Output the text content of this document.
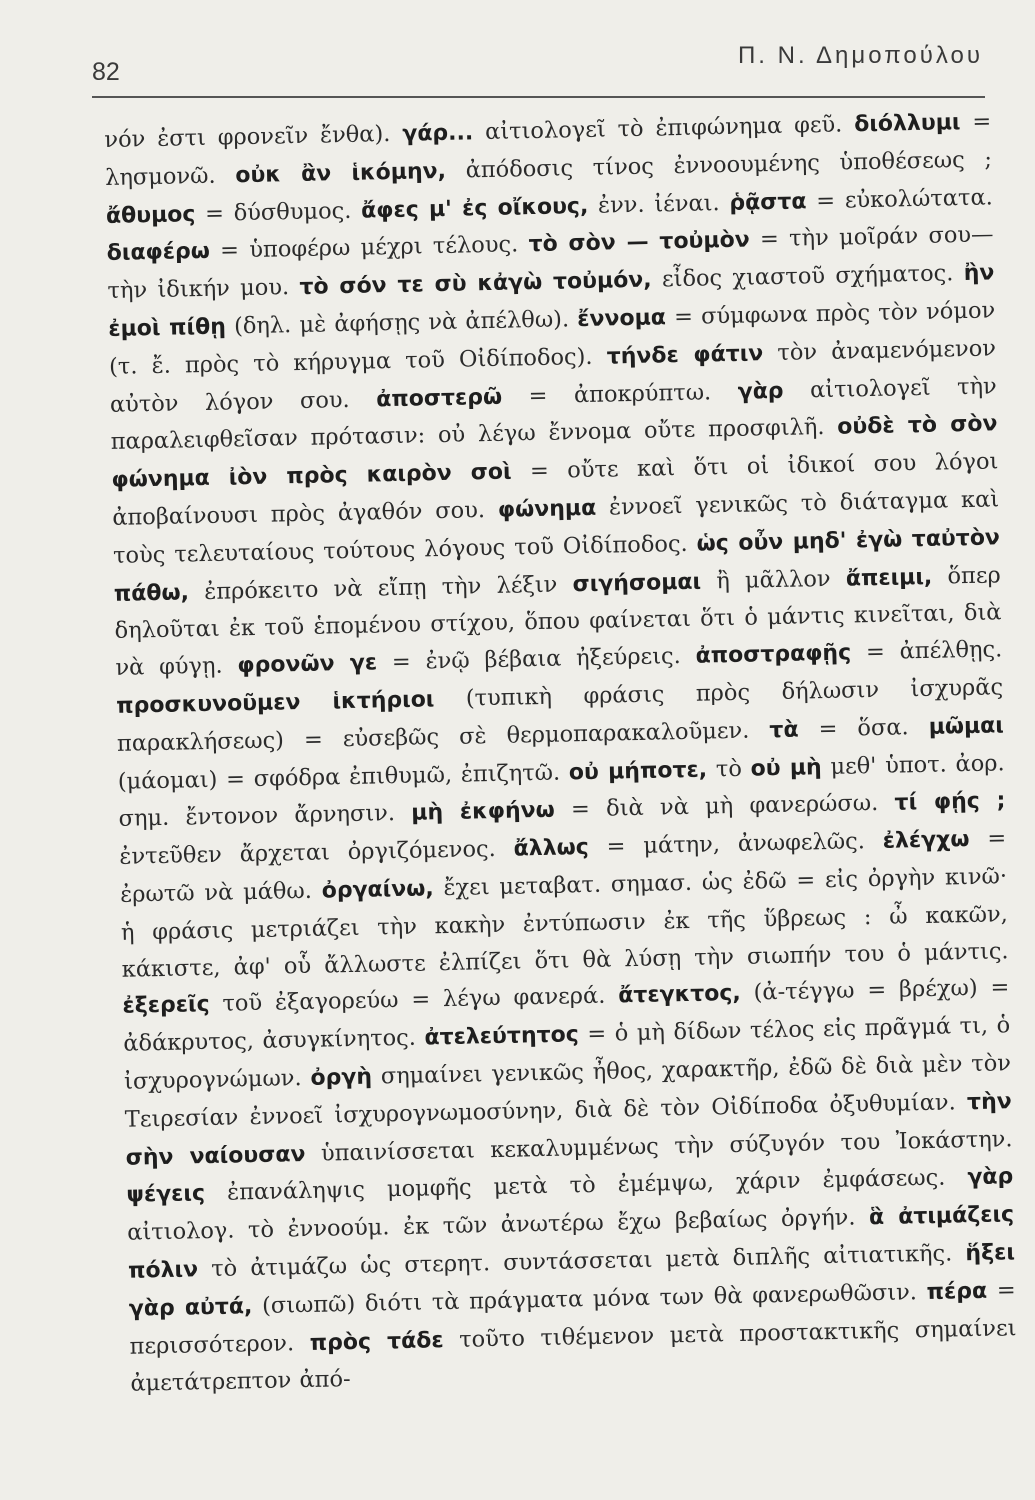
82
Π. Ν. Δημοπούλου
νόν ἐστι φρονεῖν ἔνθα). γάρ... αἰτιολογεῖ τὸ ἐπιφώνημα φεῦ. διόλλυμι = λησμονῶ. οὐκ ἂν ἱκόμην, ἀπόδοσις τίνος ἐννοουμένης ὑποθέσεως ; ἄθυμος = δύσθυμος. ἄφες μ' ἐς οἴκους, ἐνν. ἰέναι. ῥᾷστα = εὐκολώτατα. διαφέρω = ὑποφέρω μέχρι τέλους. τὸ σὸν — τοὐμὸν = τὴν μοῖράν σου—τὴν ἰδικήν μου. τὸ σόν τε σὺ κἀγὼ τοὐμόν, εἶδος χιαστοῦ σχήματος. ἢν ἐμοὶ πίθῃ (δηλ. μὲ ἀφήσῃς νὰ ἀπέλθω). ἔννομα = σύμφωνα πρὸς τὸν νόμον (τ. ἔ. πρὸς τὸ κήρυγμα τοῦ Οἰδίποδος). τήνδε φάτιν τὸν ἀναμενόμενον αὐτὸν λόγον σου. ἀποστερῶ = ἀποκρύπτω. γὰρ αἰτιολογεῖ τὴν παραλειφθεῖσαν πρότασιν: οὐ λέγω ἔννομα οὔτε προσφιλῆ. οὐδὲ τὸ σὸν φώνημα ἰὸν πρὸς καιρὸν σοὶ = οὔτε καὶ ὅτι οἱ ἰδικοί σου λόγοι ἀποβαίνουσι πρὸς ἀγαθόν σου. φώνημα ἐννοεῖ γενικῶς τὸ διάταγμα καὶ τοὺς τελευταίους τούτους λόγους τοῦ Οἰδίποδος. ὡς οὖν μηδ' ἐγὼ ταὐτὸν πάθω, ἐπρόκειτο νὰ εἴπῃ τὴν λέξιν σιγήσομαι ἢ μᾶλλον ἄπειμι, ὅπερ δηλοῦται ἐκ τοῦ ἑπομένου στίχου, ὅπου φαίνεται ὅτι ὁ μάντις κινεῖται, διὰ νὰ φύγῃ. φρονῶν γε = ἐνῷ βέβαια ἠξεύρεις. ἀποστραφῇς = ἀπέλθῃς. προσκυνοῦμεν ἱκτήριοι (τυπικὴ φράσις πρὸς δήλωσιν ἰσχυρᾶς παρακλήσεως) = εὐσεβῶς σὲ θερμοπαρακαλοῦμεν. τὰ = ὅσα. μῶμαι (μάομαι) = σφόδρα ἐπιθυμῶ, ἐπιζητῶ. οὐ μήποτε, τὸ οὐ μὴ μεθ' ὑποτ. ἀορ. σημ. ἔντονον ἄρνησιν. μὴ ἐκφήνω = διὰ νὰ μὴ φανερώσω. τί φῄς ; ἐντεῦθεν ἄρχεται ὀργιζόμενος. ἄλλως = μάτην, ἀνωφελῶς. ἐλέγχω = ἐρωτῶ νὰ μάθω. ὀργαίνω, ἔχει μεταβατ. σημασ. ὡς ἐδῶ = εἰς ὀργὴν κινῶ· ἡ φράσις μετριάζει τὴν κακὴν ἐντύπωσιν ἐκ τῆς ὕβρεως : ὦ κακῶν, κάκιστε, ἀφ' οὗ ἄλλωστε ἐλπίζει ὅτι θὰ λύσῃ τὴν σιωπήν του ὁ μάντις. ἐξερεῖς τοῦ ἐξαγορεύω = λέγω φανερά. ἄτεγκτος, (ἀ-τέγγω = βρέχω) = ἀδάκρυτος, ἀσυγκίνητος. ἀτελεύτητος = ὁ μὴ δίδων τέλος εἰς πρᾶγμά τι, ὁ ἰσχυρογνώμων. ὀργὴ σημαίνει γενικῶς ἦθος, χαρακτῆρ, ἐδῶ δὲ διὰ μὲν τὸν Τειρεσίαν ἐννοεῖ ἰσχυρογνωμοσύνην, διὰ δὲ τὸν Οἰδίποδα ὀξυθυμίαν. τὴν σὴν ναίουσαν ὑπαινίσσεται κεκαλυμμένως τὴν σύζυγόν του Ἰοκάστην. ψέγεις ἐπανάληψις μομφῆς μετὰ τὸ ἐμέμψω, χάριν ἐμφάσεως. γὰρ αἰτιολογ. τὸ ἐννοούμ. ἐκ τῶν ἀνωτέρω ἔχω βεβαίως ὀργήν. ἃ ἀτιμάζεις πόλιν τὸ ἀτιμάζω ὡς στερητ. συντάσσεται μετὰ διπλῆς αἰτιατικῆς. ἥξει γὰρ αὐτά, (σιωπῶ) διότι τὰ πράγματα μόνα των θὰ φανερωθῶσιν. πέρα = περισσότερον. πρὸς τάδε τοῦτο τιθέμενον μετὰ προστακτικῆς σημαίνει ἀμετάτρεπτον ἀπό-
